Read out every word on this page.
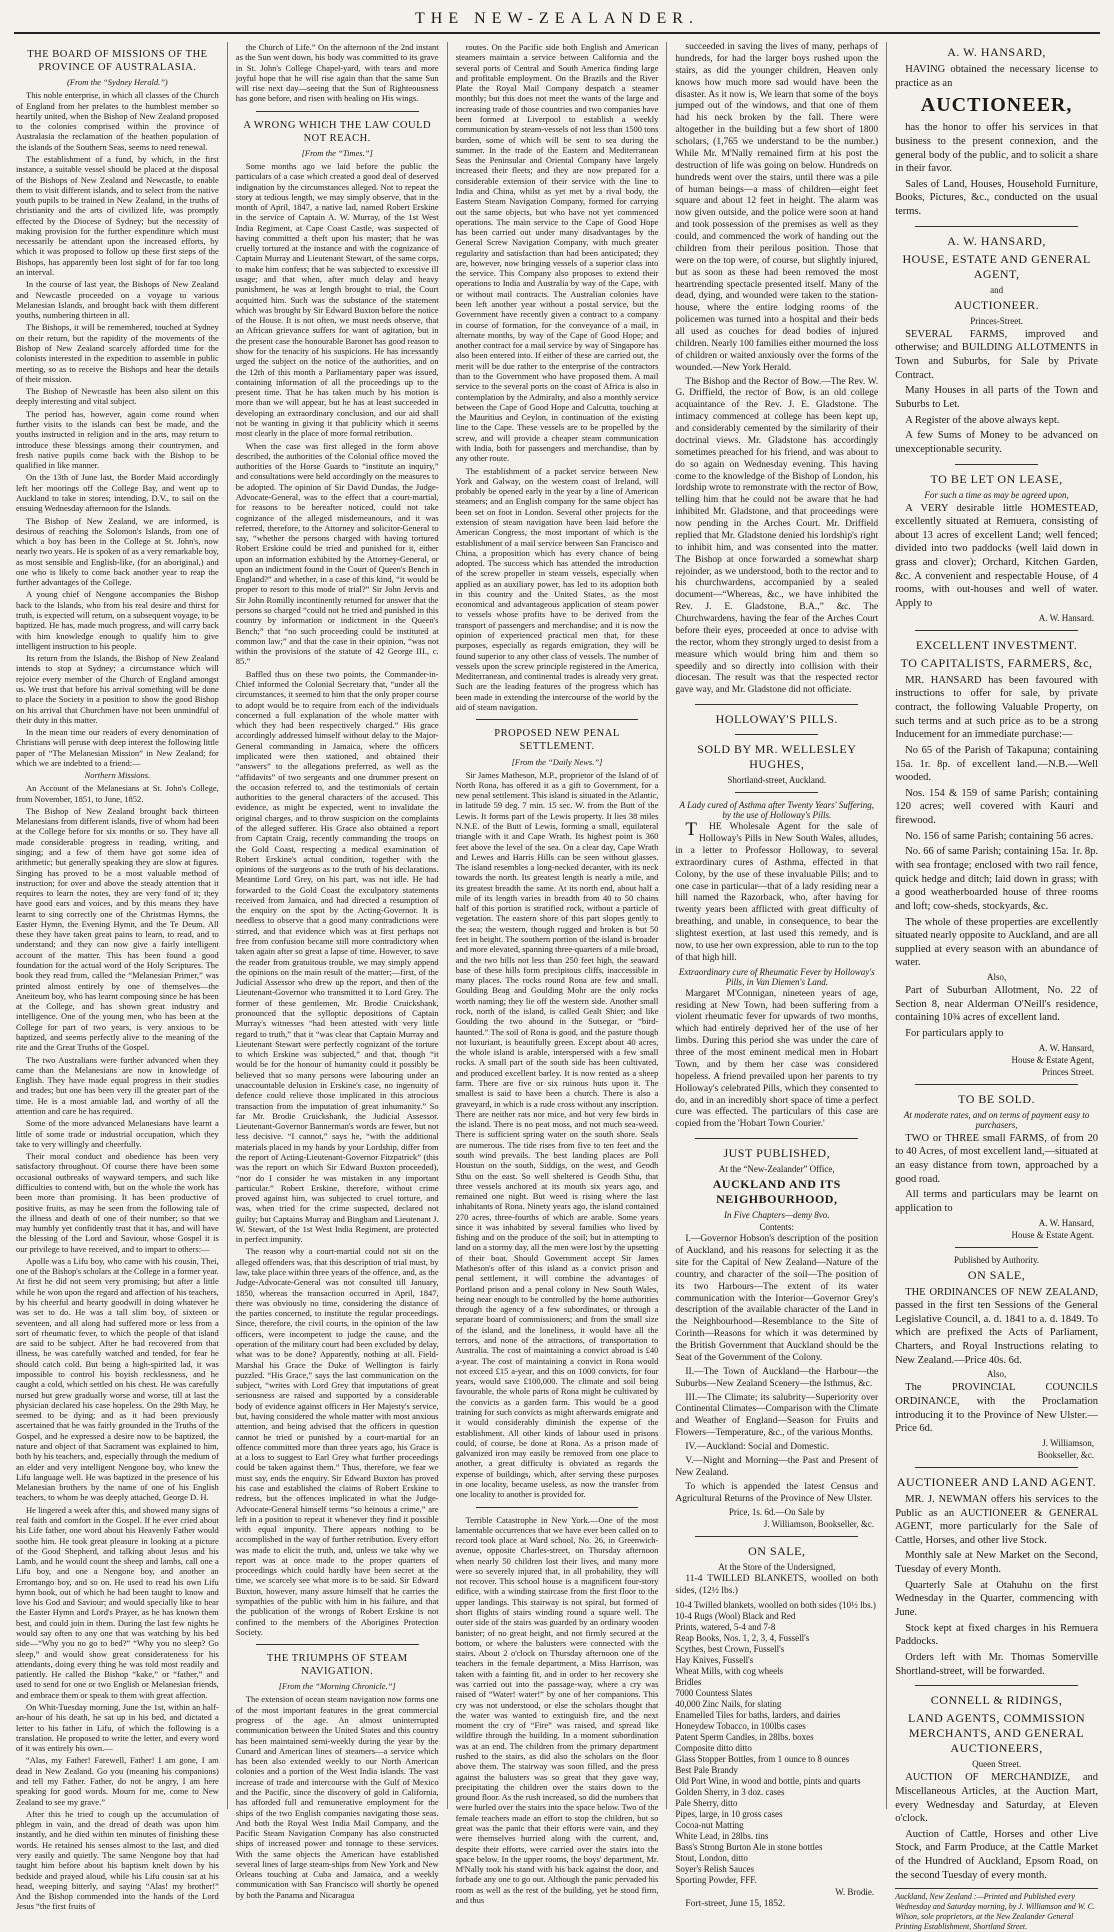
THE NEW-ZEALANDER.
THE BOARD OF MISSIONS OF THE PROVINCE OF AUSTRALASIA.
(From the “Sydney Herald.”)

This noble enterprise, in which all classes of the Church of England from her prelates to the humblest member so heartily united, when the Bishop of New Zealand proposed to the colonies comprised within the province of Australasia the reclamation of the heathen population of the islands of the Southern Seas, seems to need renewal.

The establishment of a fund, by which, in the first instance, a suitable vessel should be placed at the disposal of the Bishops of New Zealand and Newcastle, to enable them to visit different islands, and to select from the native youth pupils to be trained in New Zealand, in the truths of christianity and the arts of civilized life, was promptly effected by the Diocese of Sydney; but the necessity of making provision for the further expenditure which must necessarily be attendant upon the increased efforts, by which it was proposed to follow up these first steps of the Bishops, has apparently been lost sight of for far too long an interval.

In the course of last year, the Bishops of New Zealand and Newcastle proceeded on a voyage to various Melanesian Islands, and brought back with them different youths, numbering thirteen in all.

The Bishops, it will be remembered, touched at Sydney on their return, but the rapidity of the movements of the Bishop of New Zealand scarcely afforded time for the colonists interested in the expedition to assemble in public meeting, so as to receive the Bishops and hear the details of their mission.

The Bishop of Newcastle has been also silent on this deeply interesting and vital subject.

The period has, however, again come round when further visits to the islands can best be made, and the youths instructed in religion and in the arts, may return to introduce these blessings among their countrymen, and fresh native pupils come back with the Bishop to be qualified in like manner.

On the 13th of June last, the Border Maid accordingly left her moorings off the College Bay, and went up to Auckland to take in stores; intending, D.V., to sail on the ensuing Wednesday afternoon for the Islands.

The Bishop of New Zealand, we are informed, is desirous of reaching the Solomon's Islands, from one of which a boy has been in the College at St. John's, now nearly two years. He is spoken of as a very remarkable boy, as most sensible and English-like, (for an aboriginal,) and one who is likely to come back another year to reap the further advantages of the College.

A young chief of Nengone accompanies the Bishop back to the Islands, who from his real desire and thirst for truth, is expected will return, on a subsequent voyage, to be baptized. He has, made much progress, and will carry back with him knowledge enough to qualify him to give intelligent instruction to his people.

Its return from the Islands, the Bishop of New Zealand intends to stop at Sydney; a circumstance which will rejoice every member of the Church of England amongst us. We trust that before his arrival something will be done to place the Society in a position to show the good Bishop on his arrival that Churchmen have not been unmindful of their duty in this matter.

In the mean time our readers of every denomination of Christians will peruse with deep interest the following little paper of “The Melanesian Mission” in New Zealand; for which we are indebted to a friend:—

Northern Missions.

An Account of the Melanesians at St. John's College, from November, 1851, to June, 1852.

The Bishop of New Zealand brought back thirteen Melanesians from different islands, five of whom had been at the College before for six months or so. They have all made considerable progress in reading, writing, and singing; and a few of them have got some idea of arithmetic; but generally speaking they are slow at figures. Singing has proved to be a most valuable method of instruction; for over and above the steady attention that it requires to learn the notes, they are very fond of it; they have good ears and voices, and by this means they have learnt to sing correctly one of the Christmas Hymns, the Easter Hymn, the Evening Hymn, and the Te Deum. All these they have taken great pains to learn, to read, and to understand; and they can now give a fairly intelligent account of the matter. This has been found a good foundation for the actual word of the Holy Scriptures. The book they read from, called the “Melanesian Primer,” was printed almost entirely by one of themselves—the Aneiteum boy, who has learnt composing since he has been at the College, and has shown great industry and intelligence. One of the young men, who has been at the College for part of two years, is very anxious to be baptized, and seems perfectly alive to the meaning of the rite and the Great Truths of the Gospel.

The two Australians were further advanced when they came than the Melanesians are now in knowledge of English. They have made equal progress in their studies and trades; but one has been very ill the greater part of the time. He is a most amiable lad, and worthy of all the attention and care he has required.

Some of the more advanced Melanesians have learnt a little of some trade or industrial occupation, which they take to very willingly and cheerfully.

Their moral conduct and obedience has been very satisfactory throughout. Of course there have been some occasional outbreaks of wayward tempers, and such like difficulties to contend with, but on the whole the work has been more than promising. It has been productive of positive fruits, as may be seen from the following tale of the illness and death of one of their number; so that we may humbly yet confidently trust that it has, and will have the blessing of the Lord and Saviour, whose Gospel it is our privilege to have received, and to impart to others:—

Apolle was a Lifu boy, who came with his cousin, Thei, one of the Bishop's scholars at the College in a former year. At first he did not seem very promising; but after a little while he won upon the regard and affection of his teachers, by his cheerful and hearty goodwill in doing whatever he was set to do. He was a tall slim boy, of sixteen or seventeen, and all along had suffered more or less from a sort of rheumatic fever, to which the people of that island are said to be subject. After he had recovered from that illness, he was carefully watched and tended, for fear he should catch cold. But being a high-spirited lad, it was impossible to control his boyish recklessness, and he caught a cold, which settled on his chest. He was carefully nursed but grew gradually worse and worse, till at last the physician declared his case hopeless. On the 29th May, he seemed to be dying; and as it had been previously ascertained that he was fairly grounded in the Truths of the Gospel, and he expressed a desire now to be baptized, the nature and object of that Sacrament was explained to him, both by his teachers, and, especially through the medium of an elder and very intelligent Nengone boy, who knew the Lifu language well. He was baptized in the presence of his Melanesian brothers by the name of one of his English teachers, to whom he was deeply attached, George D. H.

He lingered a week after this, and showed many signs of real faith and comfort in the Gospel. If he ever cried about his Life father, one word about his Heavenly Father would soothe him. He took great pleasure in looking at a picture of the Good Shepherd, and talking about Jesus and his Lamb, and he would count the sheep and lambs, call one a Lifu boy, and one a Nengone boy, and another an Erromango boy, and so on. He used to read his own Lifu hymn book, out of which he had been taught to know and love his God and Saviour; and would specially like to hear the Easter Hymn and Lord's Prayer, as he has known them best, and could join in them. During the last few nights he would say often to any one that was watching by his bed side—“Why you no go to bed?” “Why you no sleep? Go sleep,” and would show great considerateness for his attendants, doing every thing he was told most readily and patiently. He called the Bishop “kake,” or “father,” and used to send for one or two English or Melanesian friends, and embrace them or speak to them with great affection.

On Whit-Tuesday morning, June the 1st, within an half-an-hour of his death, he sat up in his bed, and dictated a letter to his father in Lifu, of which the following is a translation. He proposed to write the letter, and every word of it was entirely his own.—

“Alas, my Father! Farewell, Father! I am gone, I am dead in New Zealand. Go you (meaning his companions) and tell my Father. Father, do not be angry, I am here speaking for good words. Mourn for me, come to New Zealand to see my grave.”

After this he tried to cough up the accumulation of phlegm in vain, and the dread of death was upon him instantly, and he died within ten minutes of finishing these words. He retained his senses almost to the last, and died very easily and quietly. The same Nengone boy that had taught him before about his baptism knelt down by his bedside and prayed aloud, while his Lifu cousin sat at his head, weeping bitterly, and saying “Alas! my brother!” And the Bishop commended into the hands of the Lord Jesus “the first fruits of

the Church of Life.” On the afternoon of the 2nd instant as the Sun went down, his body was committed to its grave in St. John's College Chapel-yard, with tears and more joyful hope that he will rise again than that the same Sun will rise next day—seeing that the Sun of Righteousness has gone before, and risen with healing on His wings.

A WRONG WHICH THE LAW COULD NOT REACH.
[From the “Times.”]

Some months ago we laid before the public the particulars of a case which created a good deal of deserved indignation by the circumstances alleged. Not to repeat the story at tedious length, we may simply observe, that in the month of April, 1847, a native lad, named Robert Erskine in the service of Captain A. W. Murray, of the 1st West India Regiment, at Cape Coast Castle, was suspected of having committed a theft upon his master; that he was cruelly tortured at the instance and with the cognizance of Captain Murray and Lieutenant Stewart, of the same corps, to make him confess; that he was subjected to excessive ill usage; and that when, after much delay and heavy punishment, he was at length brought to trial, the Court acquitted him. Such was the substance of the statement which was brought by Sir Edward Buxton before the notice of the House. It is not often, we must needs observe, that an African grievance suffers for want of agitation, but in the present case the honourable Baronet has good reason to show for the tenacity of his suspicions. He has incessantly urged the subject on the notice of the authorities, and on the 12th of this month a Parliamentary paper was issued, containing information of all the proceedings up to the present time. That he has taken much by his motion is more than we will appear, but he has at least succeeded in developing an extraordinary conclusion, and our aid shall not be wanting in giving it that publicity which it seems most clearly in the place of more formal retribution.

When the case was first alleged in the form above described, the authorities of the Colonial office moved the authorities of the Horse Guards to “institute an inquiry,” and consultations were held accordingly on the measures to be adopted. The opinion of Sir David Dundas, the Judge-Advocate-General, was to the effect that a court-martial, for reasons to be hereafter noticed, could not take cognizance of the alleged misdemeanours, and it was referred, therefore, to the Attorney and solicitor-General to say, “whether the persons charged with having tortured Robert Erskine could be tried and punished for it, either upon an information exhibited by the Attorney-General, or upon an indictment found in the Court of Queen's Bench in England?” and whether, in a case of this kind, “it would be proper to resort to this mode of trial?” Sir John Jervis and Sir John Romilly incontinently returned for answer that the persons so charged “could not be tried and punished in this country by information or indictment in the Queen's Bench;” that “no such proceeding could be instituted at common law;” and that the case in their opinion, “was not within the provisions of the statute of 42 George III., c. 85.”

Baffled thus on these two points, the Commander-in-Chief informed the Colonial Secretary that, “under all the circumstances, it seemed to him that the only proper course to adopt would be to require from each of the individuals concerned a full explanation of the whole matter with which they had been respectively charged.” His grace accordingly addressed himself without delay to the Major-General commanding in Jamaica, where the officers implicated were then stationed, and obtained their “answers” to the allegations preferred, as well as the “affidavits” of two sergeants and one drummer present on the occasion referred to, and the testimonials of certain authorities to the general characters of the accused. This evidence, as might be expected, went to invalidate the original charges, and to throw suspicion on the complaints of the alleged sufferer. His Grace also obtained a report from Captain Craig, recently commanding the troops on the Gold Coast, respecting a medical examination of Robert Erskine's actual condition, together with the opinions of the surgeons as to the truth of his declarations. Meantime Lord Grey, on his part, was not idle. He had forwarded to the Gold Coast the exculpatory statements received from Jamaica, and had directed a resumption of the enquiry on the spot by the Acting-Governor. It is needless to observe that a good many contradictions were stirred, and that evidence which was at first perhaps not free from confusion became still more contradictory when taken again after so great a lapse of time. However, to save the reader from gratuitous trouble, we may simply append the opinions on the main result of the matter;—first, of the Judicial Assessor who drew up the report, and then of the Lieutenant-Governor who transmitted it to Lord Grey. The former of these gentlemen, Mr. Brodie Cruickshank, pronounced that the sylloptic depositions of Captain Murray's witnesses “had been attested with very little regard to truth,” that it “was clear that Captain Murray and Lieutenant Stewart were perfectly cognizant of the torture to which Erskine was subjected,” and that, though “it would be for the honour of humanity could it possibly be believed that so many persons were labouring under an unaccountable delusion in Erskine's case, no ingenuity of defence could relieve those implicated in this atrocious transaction from the imputation of great inhumanity.” So far Mr. Brodie Cruickshank, the Judicial Assessor. Lieutenant-Governor Bannerman's words are fewer, but not less decisive. “I cannot,” says he, “with the additional materials placed in my hands by your Lordship, differ from the report of Acting-Lieutenant-Governor Fitzpatrick” (this was the report on which Sir Edward Buxton proceeded), “nor do I consider he was mistaken in any important particular.” Robert Erskine, therefore, without crime proved against him, was subjected to cruel torture, and was, when tried for the crime suspected, declared not guilty; but Captains Murray and Bingham and Lieutenant J. W. Stewart, of the 1st West India Regiment, are protected in perfect impunity.

The reason why a court-martial could not sit on the alleged offenders was, that this description of trial must, by law, take place within three years of the offence, and, as the Judge-Advocate-General was not consulted till January, 1850, whereas the transaction occurred in April, 1847, there was obviously no time, considering the distance of the parties concerned, to institute the regular proceedings. Since, therefore, the civil courts, in the opinion of the law officers, were incompetent to judge the cause, and the operation of the military court had been excluded by delay, what was to be done? Apparently, nothing at all. Field-Marshal his Grace the Duke of Wellington is fairly puzzled. “His Grace,” says the last communication on the subject, “writes with Lord Grey that imputations of great seriousness are raised and supported by a considerable body of evidence against officers in Her Majesty's service, but, having considered the whole matter with most anxious attention, and being advised that the officers in question cannot be tried or punished by a court-martial for an offence committed more than three years ago, his Grace is at a loss to suggest to Earl Grey what further proceedings could be taken against them.” Thus, therefore, we fear we must say, ends the enquiry. Sir Edward Buxton has proved his case and established the claims of Robert Erskine to redress, but the offences implicated in what the Judge-Advocate-General himself terms “so heinous a crime,” are left in a position to repeat it whenever they find it possible with equal impunity. There appears nothing to be accomplished in the way of further retribution. Every effort was made to elicit the truth, and, unless we take why we report was at once made to the proper quarters of proceedings which could hardly have been secret at the time, we scarcely see what more is to be said. Sir Edward Buxton, however, many assure himself that he carries the sympathies of the public with him in his failure, and that the publication of the wrongs of Robert Erskine is not confined to the members of the Aborigines Protection Society.

THE TRIUMPHS OF STEAM NAVIGATION.
[From the “Morning Chronicle.”]

The extension of ocean steam navigation now forms one of the most important features in the great commercial progress of the age. An almost uninterrupted communication between the United States and this country has been maintained semi-weekly during the year by the Cunard and American lines of steamers—a service which has been also extended weekly to our North American colonies and a portion of the West India islands. The vast increase of trade and intercourse with the Gulf of Mexico and the Pacific, since the discovery of gold in California, has afforded full and remunerative employment for the ships of the two English companies navigating those seas. And both the Royal West India Mail Company, and the Pacific Steam Navigation Company has also constructed ships of increased power and tonnage to these services. With the same objects the American have established several lines of large steam-ships from New York and New Orleans touching at Cuba and Jamaica, and a weekly communication with San Francisco will shortly be opened by both the Panama and Nicaragua

routes. On the Pacific side both English and American steamers maintain a service between California and the several ports of Central and South America finding large and profitable employment. On the Brazils and the River Plate the Royal Mail Company despatch a steamer monthly; but this does not meet the wants of the large and increasing trade of those countries and two companies have been formed at Liverpool to establish a weekly communication by steam-vessels of not less than 1500 tons burden, some of which will be sent to sea during the summer. In the trade of the Eastern and Mediterranean Seas the Peninsular and Oriental Company have largely increased their fleets; and they are now prepared for a considerable extension of their service with the line to India and China, whilst as yet met by a rival body, the Eastern Steam Navigation Company, formed for carrying out the same objects, but who have not yet commenced operations. The main service to the Cape of Good Hope has been carried out under many disadvantages by the General Screw Navigation Company, with much greater regularity and satisfaction than had been anticipated; they are, however, now bringing vessels of a superior class into the service. This Company also proposes to extend their operations to India and Australia by way of the Cape, with or without mail contracts. The Australian colonies have been left another year without a postal service, but the Government have recently given a contract to a company in course of formation, for the conveyance of a mail, in alternate months, by way of the Cape of Good Hope; and another contract for a mail service by way of Singapore has also been entered into. If either of these are carried out, the merit will be due rather to the enterprise of the contractors than to the Government who have proposed them. A mail service to the several ports on the coast of Africa is also in contemplation by the Admiralty, and also a monthly service between the Cape of Good Hope and Calcutta, touching at the Mauritius and Ceylon, in continuation of the existing line to the Cape. These vessels are to be propelled by the screw, and will provide a cheaper steam communication with India, both for passengers and merchandise, than by any other route.

The establishment of a packet service between New York and Galway, on the western coast of Ireland, will probably be opened early in the year by a line of American steamers; and an English company for the same object has been set on foot in London. Several other projects for the extension of steam navigation have been laid before the American Congress, the most important of which is the establishment of a mail service between San Francisco and China, a proposition which has every chance of being adopted. The success which has attended the introduction of the screw propeller in steam vessels, especially when applied as an auxiliary power, has led to its adoption both in this country and the United States, as the most economical and advantageous application of steam power to vessels whose profits have to be derived from the transport of passengers and merchandise; and it is now the opinion of experienced practical men that, for these purposes, especially as regards emigration, they will be found superior to any other class of vessels. The number of vessels upon the screw principle registered in the America, Mediterranean, and continental trades is already very great. Such are the leading features of the progress which has been made in extending the intercourse of the world by the aid of steam navigation.

PROPOSED NEW PENAL SETTLEMENT.
[From the “Daily News.”]

Sir James Matheson, M.P., proprietor of the Island of of North Rona, has offered it as a gift to Government, for a new penal settlement. This island is situated in the Atlantic, in latitude 59 deg. 7 min. 15 sec. W. from the Butt of the Lewis. It forms part of the Lewis property. It lies 38 miles N.N.E. of the Butt of Lewis, forming a small, equilateral triangle with it and Cape Wrath. Its highest point is 360 feet above the level of the sea. On a clear day, Cape Wrath and Lewes and Harris Hills can be seen without glasses. The island resembles a long-necked decanter, with its neck towards the north. Its greatest length is nearly a mile, and its greatest breadth the same. At its north end, about half a mile of its length varies in breadth from 40 to 50 chains half of this portion is stratified rock, without a particle of vegetation. The eastern shore of this part slopes gently to the sea; the western, though rugged and broken is but 50 feet in height. The southern portion of the island is broader and more elevated, spanning three-quarters of a mile broad, and the two hills not less than 250 feet high, the seaward base of these hills form precipitous cliffs, inaccessible in many places. The rocks round Rona are few and small. Goulding Beag and Goulding Mohr are the only rocks worth naming; they lie off the western side. Another small rock, north of the island, is called Gealt Shier; and like Goulding the two abound in the Sutsegar, or “bird-haunted.” The soil of Rona is good, and the pasture though not luxuriant, is beautifully green. Except about 40 acres, the whole island is arable, interspersed with a few small rocks. A small part of the south side has been cultivated, and produced excellent barley. It is now rented as a sheep farm. There are five or six ruinous huts upon it. The smallest is said to have been a church. There is also a graveyard, in which is a rude cross without any inscription. There are neither rats nor mice, and but very few birds in the island. There is no peat moss, and not much sea-weed. There is sufficient spring water on the south shore. Seals are numerous. The tide rises from five to ten feet and the south wind prevails. The best landing places are Poll Houstun on the south, Siddigs, on the west, and Geodh Sthu on the east. So well sheltered is Geodh Sthu, that three vessels anchored at its mouth six years ago, and remained one night. But weed is rising where the last inhabitants of Rona. Ninety years ago, the island contained 270 acres, three-fourths of which are arable. Some years since it was inhabited by several families who lived by fishing and on the produce of the soil; but in attempting to land on a stormy day, all the men were lost by the upsetting of their boat. Should Government accept Sir James Matheson's offer of this island as a convict prison and penal settlement, it will combine the advantages of Portland prison and a penal colony in New South Wales, being near enough to be controlled by the home authorities through the agency of a few subordinates, or through a separate board of commissioners; and from the small size of the island, and the loneliness, it would have all the terrors, and none of the attractions, of transportation to Australia. The cost of maintaining a convict abroad is £40 a-year. The cost of maintaining a convict in Rona would not exceed £15 a-year, and this on 1000 convicts, for four years, would save £100,000. The climate and soil being favourable, the whole parts of Rona might be cultivated by the convicts as a garden farm. This would be a good training for such convicts as might afterwards emigrate and it would considerably diminish the expense of the establishment. All other kinds of labour used in prisons could, of course, be done at Rona. As a prison made of galvanized iron may easily be removed from one place to another, a great difficulty is obviated as regards the expense of buildings, which, after serving these purposes in one locality, became useless, as now the transfer from one locality to another is provided for.

Terrible Catastrophe in New York.—One of the most lamentable occurrences that we have ever been called on to record took place at Ward school, No. 26, in Greenwich-avenue, opposite Charles-street, on Thursday afternoon when nearly 50 children lost their lives, and many more were so severely injured that, in all probability, they will not recover. This school house is a magnificent four-story edifice, with a winding staircase from the first floor to the upper landings. This stairway is not spiral, but formed of short flights of stairs winding round a square well. The outer side of the stairs was guarded by an ordinary wooden banister; of no great height, and not firmly secured at the bottom, or where the balusters were connected with the stairs. About 2 o'clock on Thursday afternoon one of the teachers in the female department, a Miss Harrison, was taken with a fainting fit, and in order to her recovery she was carried out into the passage-way, where a cry was raised of “Water! water!” by one of her companions. This cry was not understood, or else the scholars thought that the water was wanted to extinguish fire, and the next moment the cry of “Fire” was raised, and spread like wildfire through the building. In a moment subordination was at an end. The children from the primary department rushed to the stairs, as did also the scholars on the floor above them. The stairway was soon filled, and the press against the balusters was so great that they gave way, precipitating the children over the stairs down to the ground floor. As the rush increased, so did the numbers that were hurled over the stairs into the space below. Two of the female teachers made an effort to stop the children, but so great was the panic that their efforts were vain, and they were themselves hurried along with the current, and, despite their efforts, were carried over the stairs into the space below. In the upper rooms, the boys' department, Mr. M'Nally took his stand with his back against the door, and forbade any one to go out. Although the panic pervaded his room as well as the rest of the building, yet he stood firm, and thus

succeeded in saving the lives of many, perhaps of hundreds, for had the larger boys rushed upon the stairs, as did the younger children, Heaven only knows how much more sad would have been the disaster. As it now is, We learn that some of the boys jumped out of the windows, and that one of them had his neck broken by the fall. There were altogether in the building but a few short of 1800 scholars, (1,765 we understand to be the number.) While Mr. M'Nally remained firm at his post the destruction of life was going on below. Hundreds on hundreds went over the stairs, until there was a pile of human beings—a mass of children—eight feet square and about 12 feet in height. The alarm was now given outside, and the police were soon at hand and took possession of the premises as well as they could, and commenced the work of handing out the children from their perilous position. Those that were on the top were, of course, but slightly injured, but as soon as these had been removed the most heartrending spectacle presented itself. Many of the dead, dying, and wounded were taken to the station-house, where the entire lodging rooms of the policemen was turned into a hospital and their beds all used as couches for dead bodies of injured children. Nearly 100 families either mourned the loss of children or waited anxiously over the forms of the wounded.—New York Herald.

The Bishop and the Rector of Bow.—The Rev. W. G. Driffield, the rector of Bow, is an old college acquaintance of the Rev. J. E. Gladstone. The intimacy commenced at college has been kept up, and considerably cemented by the similarity of their doctrinal views. Mr. Gladstone has accordingly sometimes preached for his friend, and was about to do so again on Wednesday evening. This having come to the knowledge of the Bishop of London, his lordship wrote to remonstrate with the rector of Bow, telling him that he could not be aware that he had inhibited Mr. Gladstone, and that proceedings were now pending in the Arches Court. Mr. Driffield replied that Mr. Gladstone denied his lordship's right to inhibit him, and was consented into the matter. The Bishop at once forwarded a somewhat sharp rejoinder, as we understood, both to the rector and to his churchwardens, accompanied by a sealed document—“Whereas, &c., we have inhibited the Rev. J. E. Gladstone, B.A.,” &c. The Churchwardens, having the fear of the Arches Court before their eyes, proceeded at once to advise with the rector, whom they strongly urged to desist from a measure which would bring him and them so speedily and so directly into collision with their diocesan. The result was that the respected rector gave way, and Mr. Gladstone did not officiate.

HOLLOWAY'S PILLS.
SOLD BY MR. WELLESLEY HUGHES,
Shortland-street, Auckland.
A Lady cured of Asthma after Twenty Years' Suffering, by the use of Holloway's Pills.

THE Wholesale Agent for the sale of Holloway's Pills in New South Wales, alludes, in a letter to Professor Holloway, to several extraordinary cures of Asthma, effected in that Colony, by the use of these invaluable Pills; and to one case in particular—that of a lady residing near a hill named the Razorback, who, after having for twenty years been afflicted with great difficulty of breathing, and unable, in consequence, to bear the slightest exertion, at last used this remedy, and is now, to use her own expression, able to run to the top of that high hill.

Extraordinary cure of Rheumatic Fever by Holloway's Pills, in Van Diemen's Land.

Margaret M'Connigan, nineteen years of age, residing at New Town, had been suffering from a violent rheumatic fever for upwards of two months, which had entirely deprived her of the use of her limbs. During this period she was under the care of three of the most eminent medical men in Hobart Town, and by them her case was considered hopeless. A friend prevailed upon her parents to try Holloway's celebrated Pills, which they consented to do, and in an incredibly short space of time a perfect cure was effected. The particulars of this case are copied from the 'Hobart Town Courier.'

JUST PUBLISHED,
At the “New-Zealander” Office,
AUCKLAND AND ITS NEIGHBOURHOOD,
In Five Chapters—demy 8vo.
Contents:

I.—Governor Hobson's description of the position of Auckland, and his reasons for selecting it as the site for the Capital of New Zealand—Nature of the country, and character of the soil—The position of its two Harbours—The extent of its water communication with the Interior—Governor Grey's description of the available character of the Land in the Neighbourhood—Resemblance to the Site of Corinth—Reasons for which it was determined by the British Government that Auckland should be the Seat of the Government of the Colony.

II.—The Town of Auckland—the Harbour—the Suburbs—New Zealand Scenery—the Isthmus, &c.

III.—The Climate; its salubrity—Superiority over Continental Climates—Comparison with the Climate and Weather of England—Season for Fruits and Flowers—Temperature, &c., of the various Months.

IV.—Auckland: Social and Domestic.

V.—Night and Morning—the Past and Present of New Zealand.

To which is appended the latest Census and Agricultural Returns of the Province of New Ulster.

Price, 1s. 6d.—On Sale by
J. Williamson, Bookseller, &c.
ON SALE,
At the Store of the Undersigned,

11-4 TWILLED BLANKETS, woolled on both sides, (12½ lbs.)

10-4 Twilled blankets, woolled on both sides (10½ lbs.)
10-4 Rugs (Wool) Black and Red
Prints, watered, 5-4 and 7-8
Reap Books, Nos. 1, 2, 3, 4, Fussell's
Scythes, best Crown, Fussell's
Hay Knives, Fussell's
Wheat Mills, with cog wheels
Bridles
7000 Countess Slates
40,000 Zinc Nails, for slating
Enamelled Tiles for baths, larders, and dairies
Honeydew Tobacco, in 100lbs cases
Patent Sperm Candles, in 28lbs. boxes
Composite ditto ditto
Glass Stopper Bottles, from 1 ounce to 8 ounces
Best Pale Brandy
Old Port Wine, in wood and bottle, pints and quarts
Golden Sherry, in 3 doz. cases
Pale Sherry, ditto
Pipes, large, in 10 gross cases
Cocoa-nut Matting
White Lead, in 28lbs. tins
Bass's Strong Burton Ale in stone bottles
Stout, London, ditto
Soyer's Relish Sauces
Sporting Powder, FFF.
W. Brodie.

Fort-street, June 15, 1852.

A. W. HANSARD,

HAVING obtained the necessary license to practice as an

AUCTIONEER,

has the honor to offer his services in that business to the present connexion, and the general body of the public, and to solicit a share in their favor.

Sales of Land, Houses, Household Furniture, Books, Pictures, &c., conducted on the usual terms.

A. W. HANSARD,
HOUSE, ESTATE AND GENERAL AGENT,
and
AUCTIONEER.
Princes-Street.

SEVERAL FARMS, improved and otherwise; and BUILDING ALLOTMENTS in Town and Suburbs, for Sale by Private Contract.

Many Houses in all parts of the Town and Suburbs to Let.

A Register of the above always kept.

A few Sums of Money to be advanced on unexceptionable security.

TO BE LET ON LEASE,
For such a time as may be agreed upon,

A VERY desirable little HOMESTEAD, excellently situated at Remuera, consisting of about 13 acres of excellent Land; well fenced; divided into two paddocks (well laid down in grass and clover); Orchard, Kitchen Garden, &c. A convenient and respectable House, of 4 rooms, with out-houses and well of water. Apply to

A. W. Hansard.
EXCELLENT INVESTMENT.
TO CAPITALISTS, FARMERS, &c,

MR. HANSARD has been favoured with instructions to offer for sale, by private contract, the following Valuable Property, on such terms and at such price as to be a strong Inducement for an immediate purchase:—

No 65 of the Parish of Takapuna; containing 15a. 1r. 8p. of excellent land.—N.B.—Well wooded.

Nos. 154 & 159 of same Parish; containing 120 acres; well covered with Kauri and firewood.

No. 156 of same Parish; containing 56 acres.

No. 66 of same Parish; containing 15a. 1r. 8p. with sea frontage; enclosed with two rail fence, quick hedge and ditch; laid down in grass; with a good weatherboarded house of three rooms and loft; cow-sheds, stockyards, &c.

The whole of these properties are excellently situated nearly opposite to Auckland, and are all supplied at every season with an abundance of water.

Also,

Part of Suburban Allotment, No. 22 of Section 8, near Alderman O'Neill's residence, containing 10¾ acres of excellent land.

For particulars apply to

A. W. Hansard,
House & Estate Agent,
Princes Street.
TO BE SOLD.
At moderate rates, and on terms of payment easy to purchasers,

TWO or THREE small FARMS, of from 20 to 40 Acres, of most excellent land,—situated at an easy distance from town, approached by a good road.

All terms and particulars may be learnt on application to

A. W. Hansard,
House & Estate Agent.
Published by Authority.
ON SALE,

THE ORDINANCES OF NEW ZEALAND, passed in the first ten Sessions of the General Legislative Council, a. d. 1841 to a. d. 1849. To which are prefixed the Acts of Parliament, Charters, and Royal Instructions relating to New Zealand.—Price 40s. 6d.

Also,

The PROVINCIAL COUNCILS ORDINANCE, with the Proclamation introducing it to the Province of New Ulster.—Price 6d.

J. Williamson,
Bookseller, &c.
AUCTIONEER AND LAND AGENT.

MR. J. NEWMAN offers his services to the Public as an AUCTIONEER & GENERAL AGENT, more particularly for the Sale of Cattle, Horses, and other live Stock.

Monthly sale at New Market on the Second, Tuesday of every Month.

Quarterly Sale at Otahuhu on the first Wednesday in the Quarter, commencing with June.

Stock kept at fixed charges in his Remuera Paddocks.

Orders left with Mr. Thomas Somerville Shortland-street, will be forwarded.

CONNELL & RIDINGS,
LAND AGENTS, COMMISSION MERCHANTS, AND GENERAL AUCTIONEERS,
Queen Street.

AUCTION OF MERCHANDIZE, and Miscellaneous Articles, at the Auction Mart, every Wednesday and Saturday, at Eleven o'clock.

Auction of Cattle, Horses and other Live Stock, and Farm Produce, at the Cattle Market of the Hundred of Auckland, Epsom Road, on the second Tuesday of every month.

Auckland, New Zealand :—Printed and Published every Wednesday and Saturday morning, by J. Williamson and W. C. Wilson, sole proprietors, at the New Zealander General Printing Establishment, Shortland Street.
